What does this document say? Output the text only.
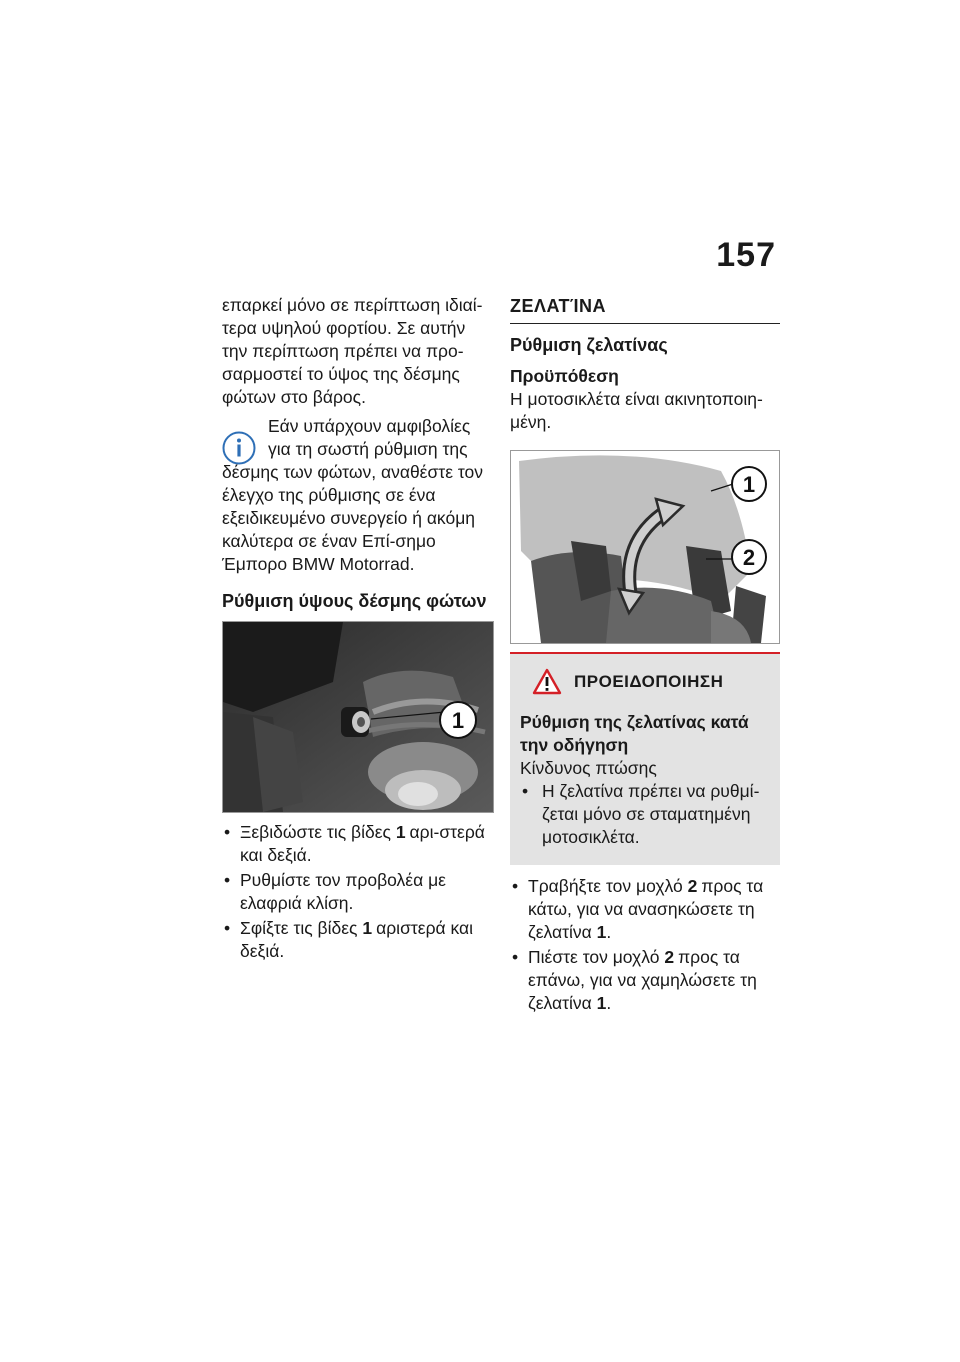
157

επαρκεί μόνο σε περίπτωση ιδιαί-τερα υψηλού φορτίου. Σε αυτήν την περίπτωση πρέπει να προ-σαρμοστεί το ύψος της δέσμης φώτων στο βάρος.

Εάν υπάρχουν αμφιβολίες

για τη σωστή ρύθμιση της

δέσμης των φώτων, αναθέστε τον έλεγχο της ρύθμισης σε ένα εξειδικευμένο συνεργείο ή ακόμη καλύτερα σε έναν Επί-σημο Έμπορο BMW Motorrad.

Ρύθμιση ύψους δέσμης φώτων
1
• Ξεβιδώστε τις βίδες 1 αρι-στερά και δεξιά.
• Ρυθμίστε τον προβολέα με ελαφριά κλίση.
• Σφίξτε τις βίδες 1 αριστερά και δεξιά.
ΖΕΛΑΤΊΝΑ
Ρύθμιση ζελατίνας
Προϋπόθεση

Η μοτοσικλέτα είναι ακινητοποιη-μένη.

1
2
ΠΡΟΕΙΔΟΠΟΙΗΣΗ
Ρύθμιση της ζελατίνας κατά την οδήγηση

Κίνδυνος πτώσης

• Η ζελατίνα πρέπει να ρυθμί-ζεται μόνο σε σταματημένη μοτοσικλέτα.
• Τραβήξτε τον μοχλό 2 προς τα κάτω, για να ανασηκώσετε τη ζελατίνα 1.
• Πιέστε τον μοχλό 2 προς τα επάνω, για να χαμηλώσετε τη ζελατίνα 1.
